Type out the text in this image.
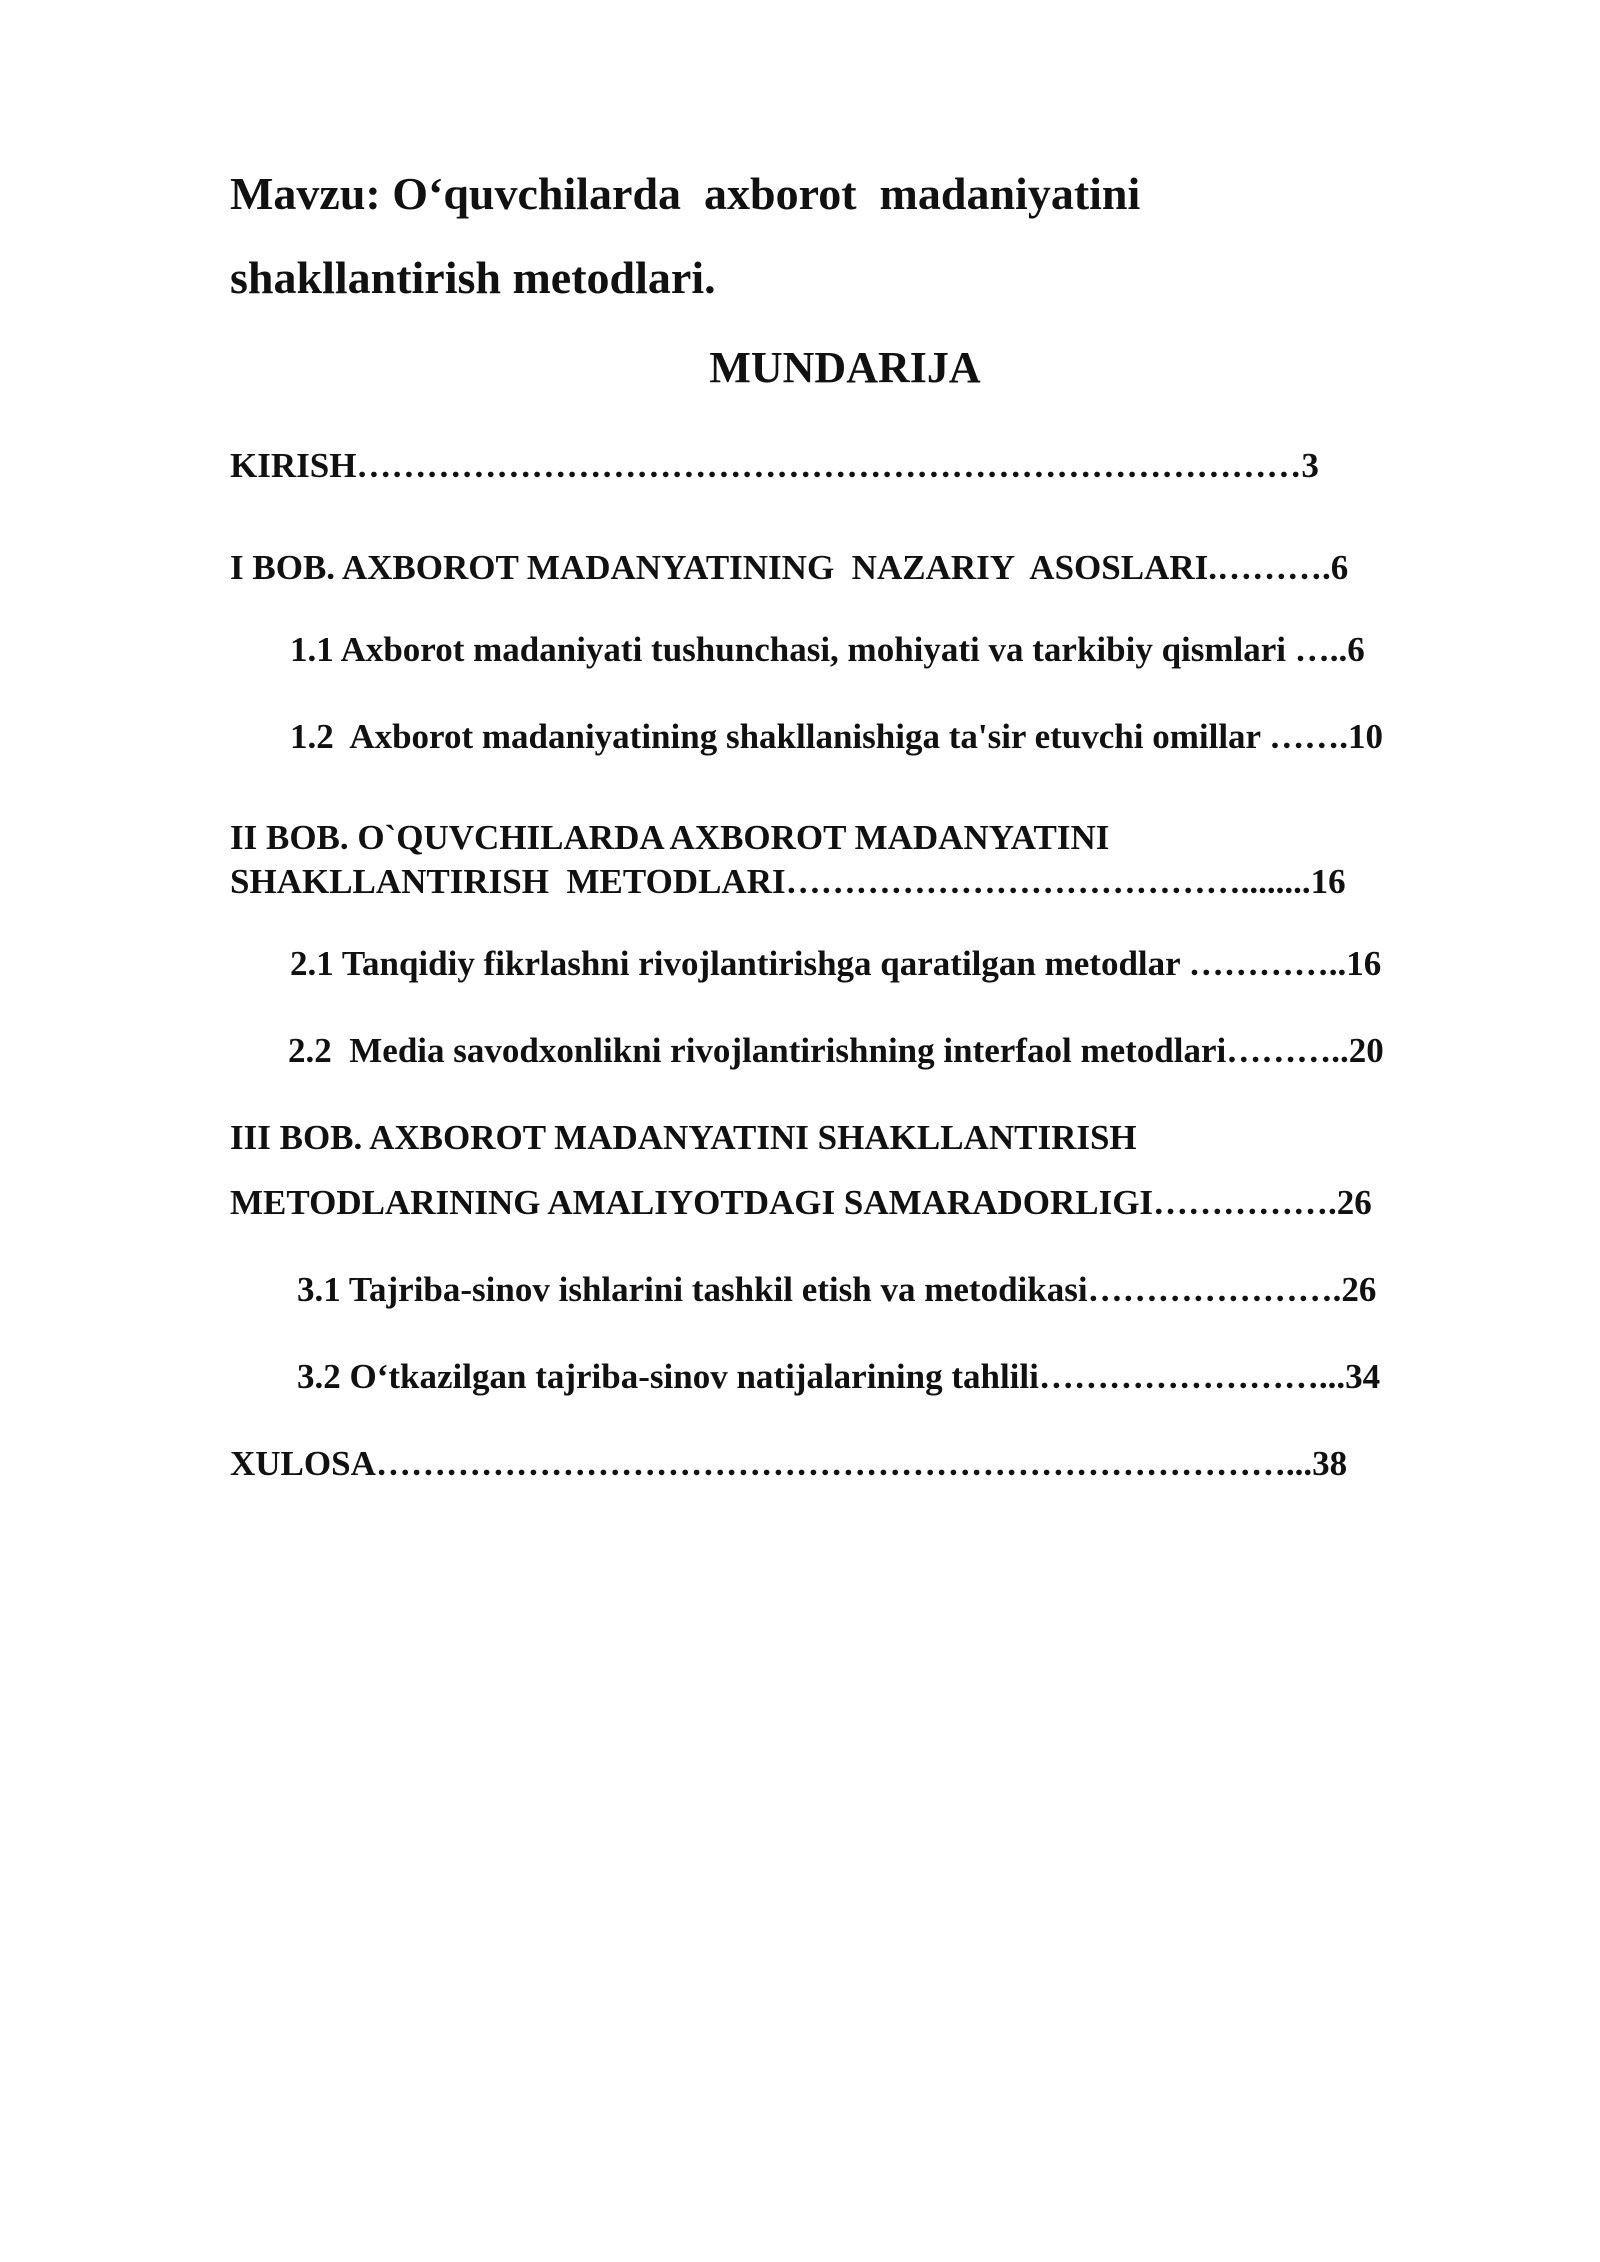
Mavzu: O‘quvchilarda  axborot  madaniyatini
shakllantirish metodlari.
MUNDARIJA
KIRISH………………………………………………………………………3
I BOB. AXBOROT MADANYATINING  NAZARIY  ASOSLARI.……….6
1.1 Axborot madaniyati tushunchasi, mohiyati va tarkibiy qismlari …..6
1.2  Axborot madaniyatining shakllanishiga ta'sir etuvchi omillar …….10
II BOB. O`QUVCHILARDA AXBOROT MADANYATINI
SHAKLLANTIRISH  METODLARI…………………………………........16
2.1 Tanqidiy fikrlashni rivojlantirishga qaratilgan metodlar …………..16
2.2  Media savodxonlikni rivojlantirishning interfaol metodlari………..20
III BOB. AXBOROT MADANYATINI SHAKLLANTIRISH
METODLARINING AMALIYOTDAGI SAMARADORLIGI…………….26
3.1 Tajriba-sinov ishlarini tashkil etish va metodikasi………………….26
3.2 O‘tkazilgan tajriba-sinov natijalarining tahlili……………………...34
XULOSA……………………………………………………………………...38
